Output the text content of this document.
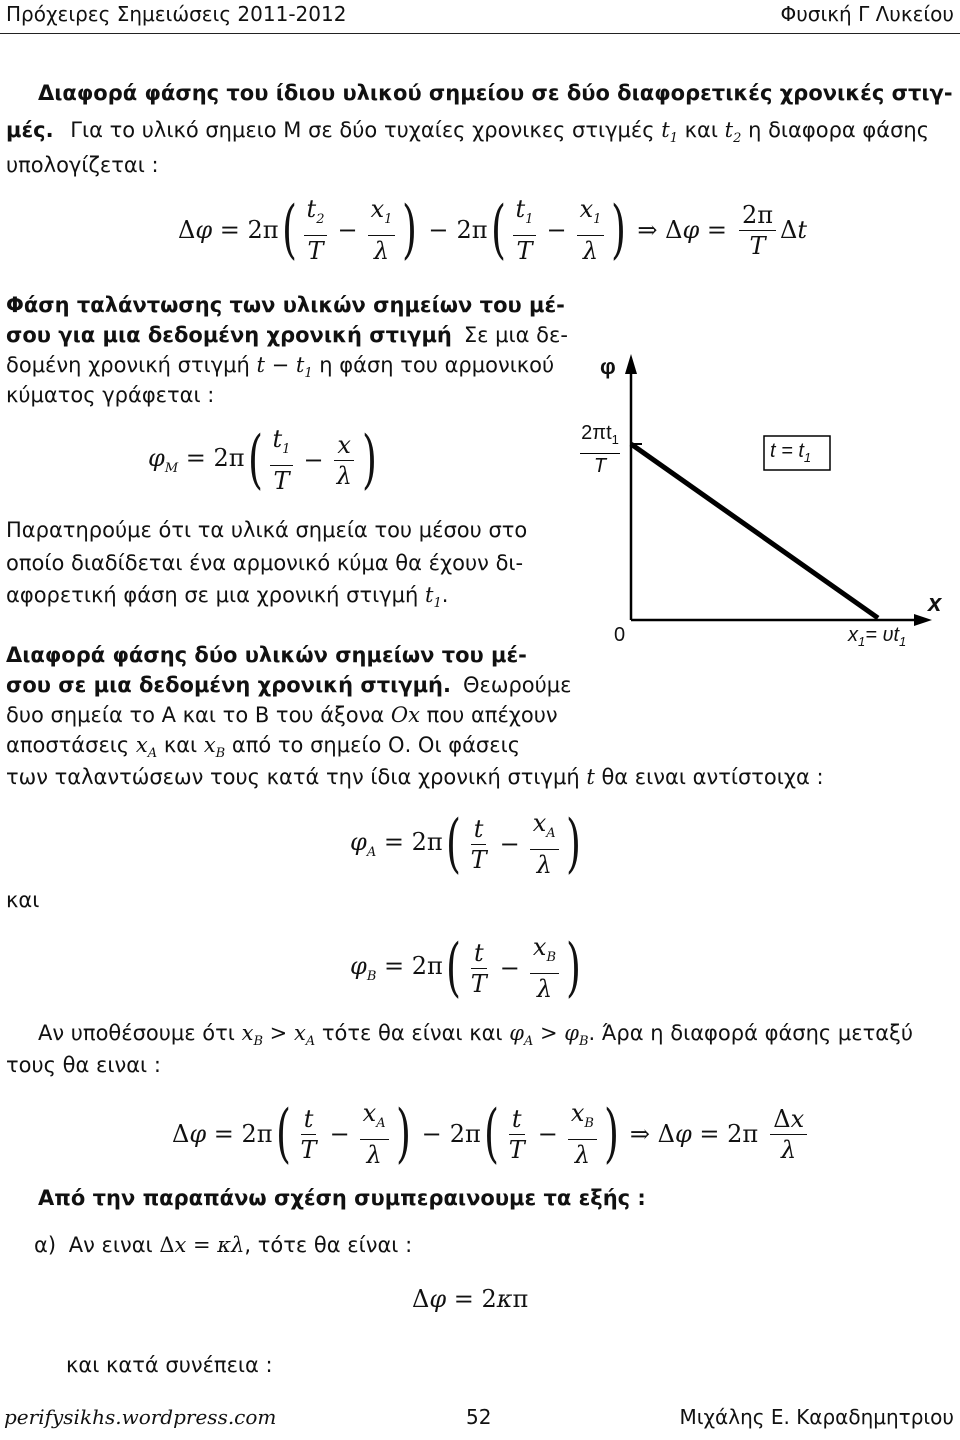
Πρόχειρες Σημειώσεις 2011-2012	Φυσική Γ Λυκείου
Διαφορά φάσης του ίδιου υλικού σημείου σε δύο διαφορετικές χρονικές στιγ-
μές. Για το υλικό σημειο Μ σε δύο τυχαίες χρονικες στιγμές $t_1$ και $t_2$ η διαφορα φάσης
υπολογίζεται :
Δφ = 2π ( $\frac{t_2}{T} - \frac{x_1}{\lambda}$ ) − 2π ( $\frac{t_1}{T} - \frac{x_1}{\lambda}$ ) ⇒ $\Delta\varphi = \frac{2\pi}{T}$ Δt
Φάση ταλάντωσης των υλικών σημείων του μέ-
σου για μια δεδομένη χρονική στιγμή Σε μια δε-
δομένη χρονική στιγμή $t - t_1$ η φάση του αρμονικού
κύματος γράφεται :
$\varphi_M = 2\pi$ ( $\frac{t_1}{T} - \frac{x}{\lambda}$ )
Παρατηρούμε ότι τα υλικά σημεία του μέσου στο
οποίο διαδίδεται ένα αρμονικό κύμα θα έχουν δι-
αφορετική φάση σε μια χρονική στιγμή $t_1$.
φ
$2\pi t_1$
T
$t = t_1$
x
0	$x_1= \upsilon t_1$
Διαφορά φάσης δύο υλικών σημείων του μέ-
σου σε μια δεδομένη χρονική στιγμή. Θεωρούμε
δυο σημεία το Α και το Β του άξονα Ox που απέχουν
αποστάσεις $x_A$ και $x_B$ από το σημείο Ο. Οι φάσεις
των ταλαντώσεων τους κατά την ίδια χρονική στιγμή t θα ειναι αντίστοιχα :
$\varphi_A = 2\pi$ ( $\frac{t}{T} - \frac{x_A}{\lambda}$ )
και
$\varphi_B = 2\pi$ ( $\frac{t}{T} - \frac{x_B}{\lambda}$ )
Αν υποθέσουμε ότι $x_B > x_A$ τότε θα είναι και $\varphi_A > \varphi_B$. Άρα η διαφορά φάσης μεταξύ
τους θα ειναι :
Δφ = 2π ( $\frac{t}{T} - \frac{x_A}{\lambda}$ ) − 2π ( $\frac{t}{T} - \frac{x_B}{\lambda}$ ) ⇒ $\Delta\varphi = 2\pi \frac{\Delta x}{\lambda}$
Από την παραπάνω σχέση συμπεραινουμε τα εξής :
α) Αν ειναι Δx = κλ, τότε θα είναι :
Δφ = 2κπ
και κατά συνέπεια :
perifysikhs.wordpress.com	52	Μιχάλης Ε. Καραδημητριου
